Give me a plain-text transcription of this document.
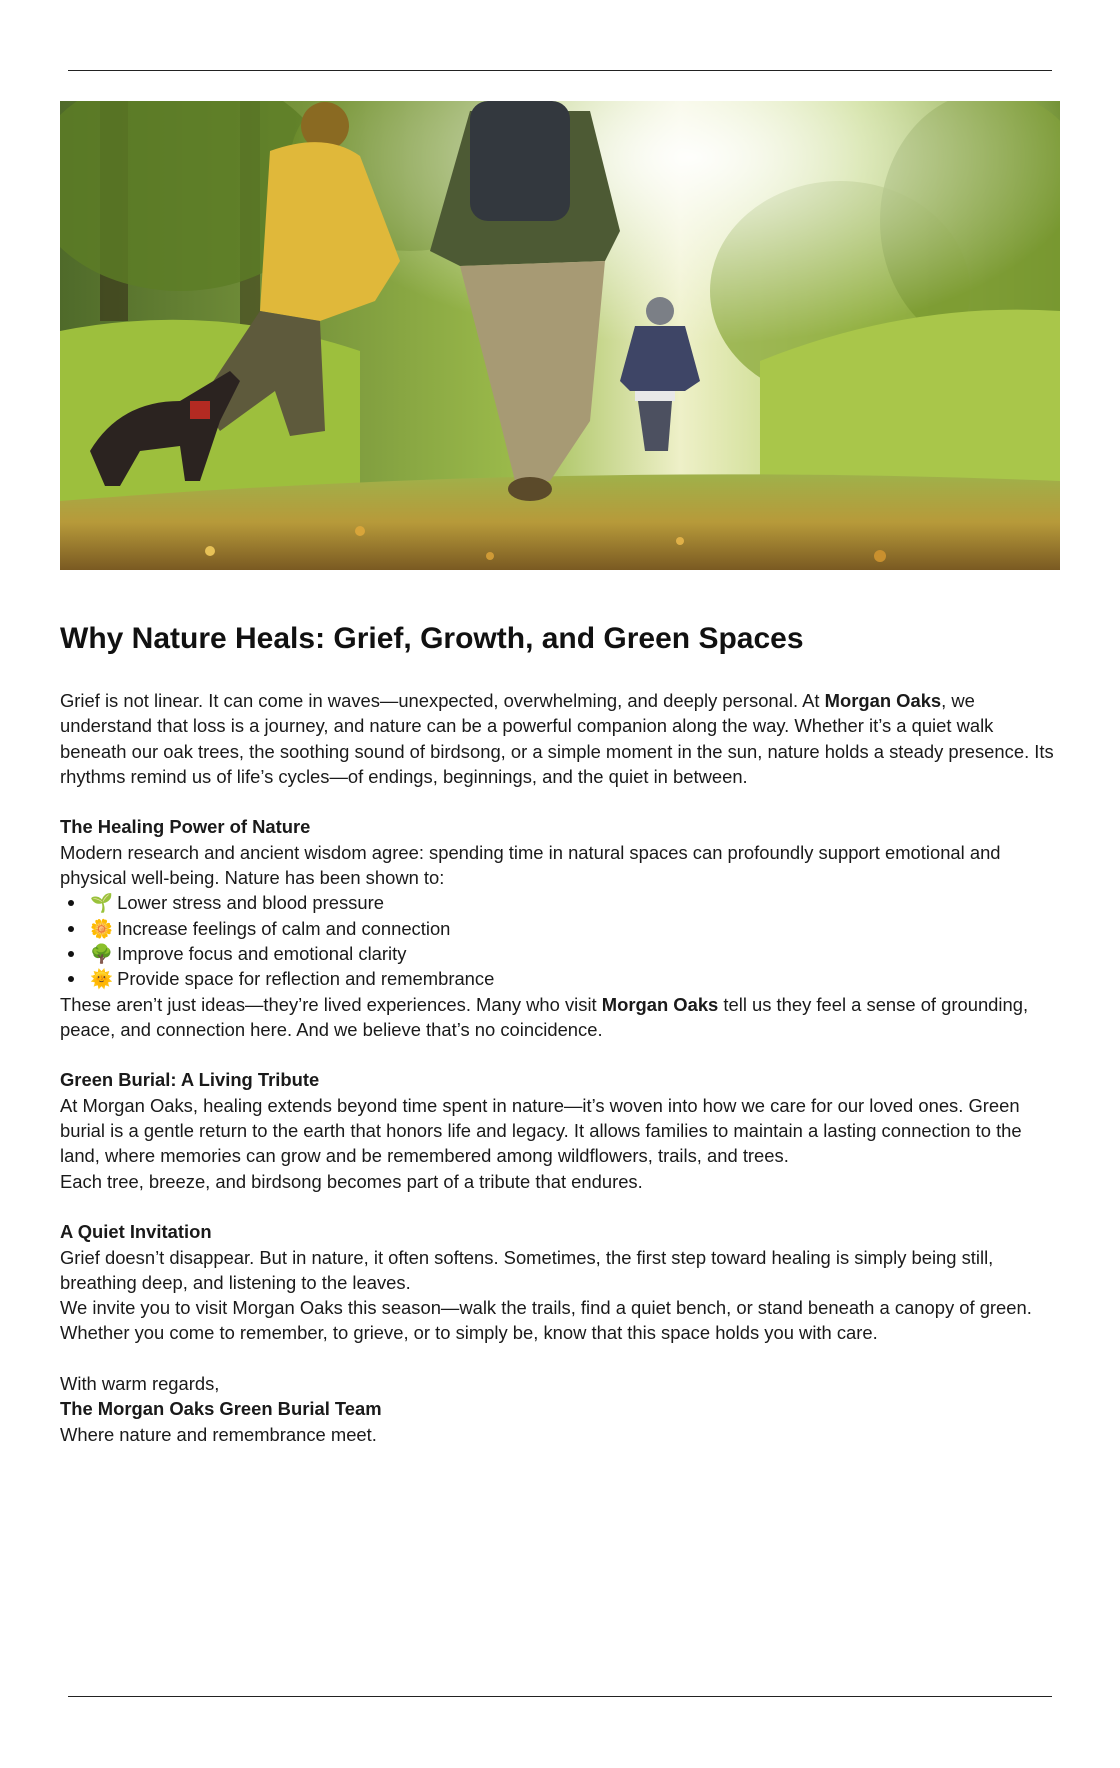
Why Nature Heals: Grief, Growth, and Green Spaces

Grief is not linear. It can come in waves—unexpected, overwhelming, and deeply personal. At Morgan Oaks, we understand that loss is a journey, and nature can be a powerful companion along the way. Whether it’s a quiet walk beneath our oak trees, the soothing sound of birdsong, or a simple moment in the sun, nature holds a steady presence. Its rhythms remind us of life’s cycles—of endings, beginnings, and the quiet in between.

The Healing Power of Nature

Modern research and ancient wisdom agree: spending time in natural spaces can profoundly support emotional and physical well-being. Nature has been shown to:

🌱 Lower stress and blood pressure
🌼 Increase feelings of calm and connection
🌳 Improve focus and emotional clarity
🌞 Provide space for reflection and remembrance

These aren’t just ideas—they’re lived experiences. Many who visit Morgan Oaks tell us they feel a sense of grounding, peace, and connection here. And we believe that’s no coincidence.

Green Burial: A Living Tribute

At Morgan Oaks, healing extends beyond time spent in nature—it’s woven into how we care for our loved ones. Green burial is a gentle return to the earth that honors life and legacy. It allows families to maintain a lasting connection to the land, where memories can grow and be remembered among wildflowers, trails, and trees.

Each tree, breeze, and birdsong becomes part of a tribute that endures.

A Quiet Invitation

Grief doesn’t disappear. But in nature, it often softens. Sometimes, the first step toward healing is simply being still, breathing deep, and listening to the leaves.

We invite you to visit Morgan Oaks this season—walk the trails, find a quiet bench, or stand beneath a canopy of green. Whether you come to remember, to grieve, or to simply be, know that this space holds you with care.

With warm regards,

The Morgan Oaks Green Burial Team

Where nature and remembrance meet.
